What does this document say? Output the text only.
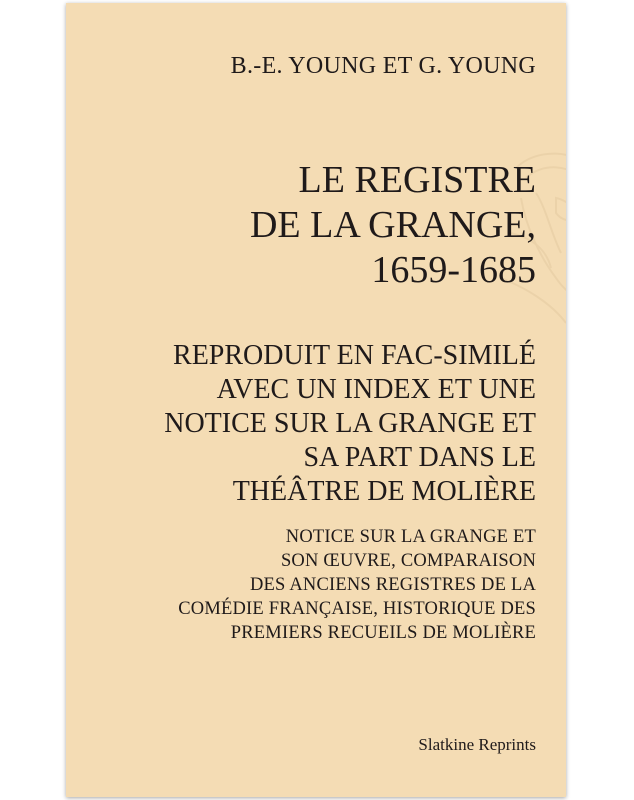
B.-E. YOUNG ET G. YOUNG
LE REGISTRE
DE LA GRANGE,
1659-1685
REPRODUIT EN FAC-SIMILÉ
AVEC UN INDEX ET UNE
NOTICE SUR LA GRANGE ET
SA PART DANS LE
THÉÂTRE DE MOLIÈRE
NOTICE SUR LA GRANGE ET
SON ŒUVRE, COMPARAISON
DES ANCIENS REGISTRES DE LA
COMÉDIE FRANÇAISE, HISTORIQUE DES
PREMIERS RECUEILS DE MOLIÈRE
Slatkine Reprints
